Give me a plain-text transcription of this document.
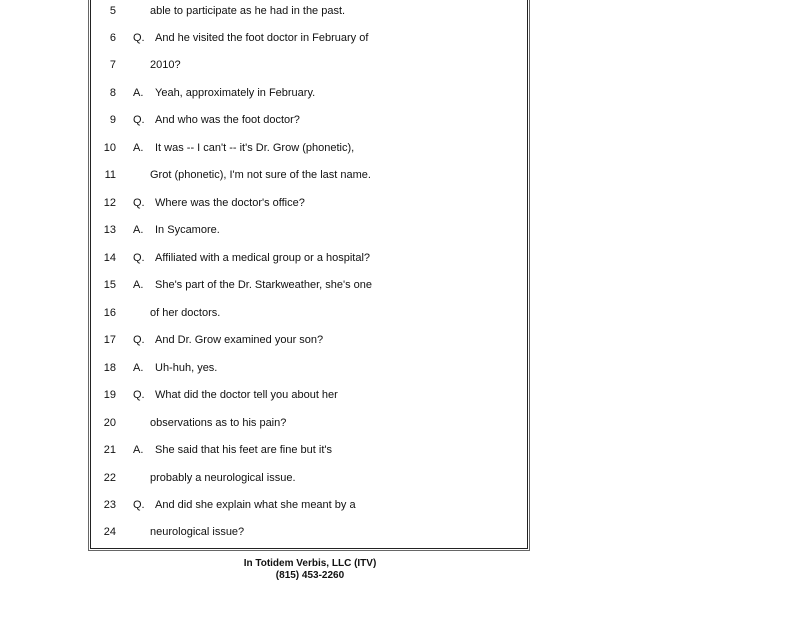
5	able to participate as he had in the past.
6 Q. And he visited the foot doctor in February of
7	2010?
8 A. Yeah, approximately in February.
9 Q. And who was the foot doctor?
10 A. It was -- I can't -- it's Dr. Grow (phonetic),
11	Grot (phonetic), I'm not sure of the last name.
12 Q. Where was the doctor's office?
13 A. In Sycamore.
14 Q. Affiliated with a medical group or a hospital?
15 A. She's part of the Dr. Starkweather, she's one
16	of her doctors.
17 Q. And Dr. Grow examined your son?
18 A. Uh-huh, yes.
19 Q. What did the doctor tell you about her
20	observations as to his pain?
21 A. She said that his feet are fine but it's
22	probably a neurological issue.
23 Q. And did she explain what she meant by a
24	neurological issue?
In Totidem Verbis, LLC (ITV)
(815) 453-2260
